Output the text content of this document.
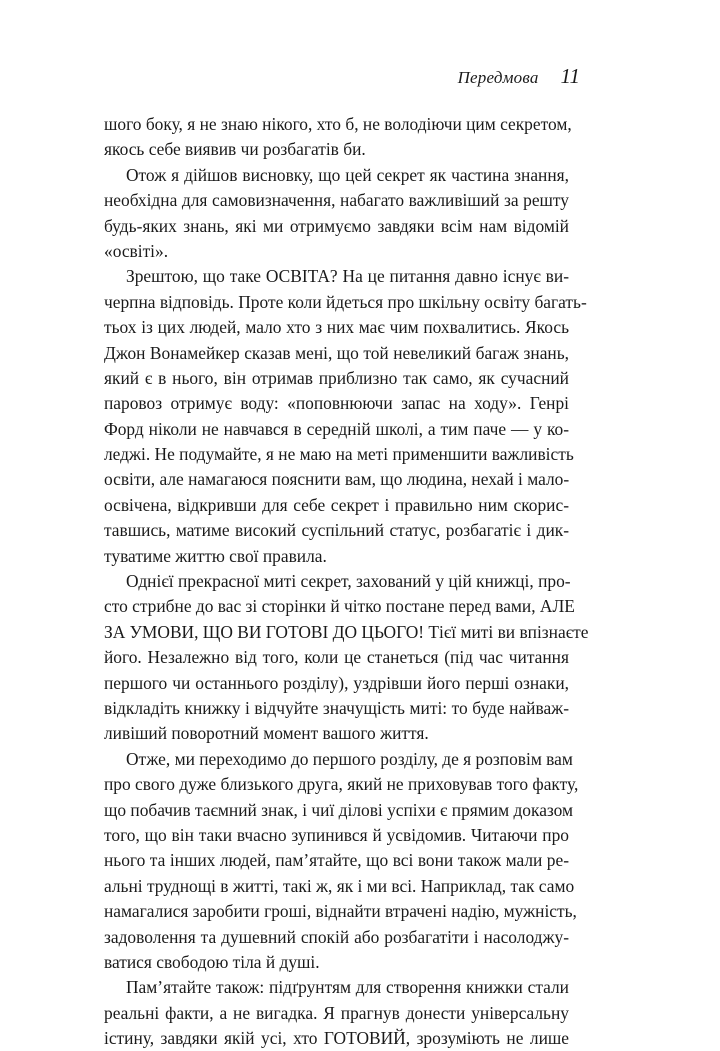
Передмова 11
шого боку, я не знаю нікого, хто б, не володіючи цим секретом,
якось себе виявив чи розбагатів би.
Отож я дійшов висновку, що цей секрет як частина знання,
необхідна для самовизначення, набагато важливіший за решту
будь-яких знань, які ми отримуємо завдяки всім нам відомій
«освіті».
Зрештою, що таке ОСВІТА? На це питання давно існує ви-
черпна відповідь. Проте коли йдеться про шкільну освіту багать-
тьох із цих людей, мало хто з них має чим похвалитись. Якось
Джон Вонамейкер сказав мені, що той невеликий багаж знань,
який є в нього, він отримав приблизно так само, як сучасний
паровоз отримує воду: «поповнюючи запас на ходу». Генрі
Форд ніколи не навчався в середній школі, а тим паче — у ко-
леджі. Не подумайте, я не маю на меті применшити важливість
освіти, але намагаюся пояснити вам, що людина, нехай і мало-
освічена, відкривши для себе секрет і правильно ним скорис-
тавшись, матиме високий суспільний статус, розбагатіє і дик-
туватиме життю свої правила.
Однієї прекрасної миті секрет, захований у цій книжці, про-
сто стрибне до вас зі сторінки й чітко постане перед вами, АЛЕ
ЗА УМОВИ, ЩО ВИ ГОТОВІ ДО ЦЬОГО! Тієї миті ви впізнаєте
його. Незалежно від того, коли це станеться (під час читання
першого чи останнього розділу), уздрівши його перші ознаки,
відкладіть книжку і відчуйте значущість миті: то буде найваж-
ливіший поворотний момент вашого життя.
Отже, ми переходимо до першого розділу, де я розповім вам
про свого дуже близького друга, який не приховував того факту,
що побачив таємний знак, і чиї ділові успіхи є прямим доказом
того, що він таки вчасно зупинився й усвідомив. Читаючи про
нього та інших людей, пам’ятайте, що всі вони також мали ре-
альні труднощі в житті, такі ж, як і ми всі. Наприклад, так само
намагалися заробити гроші, віднайти втрачені надію, мужність,
задоволення та душевний спокій або розбагатіти і насолоджу-
ватися свободою тіла й душі.
Пам’ятайте також: підґрунтям для створення книжки стали
реальні факти, а не вигадка. Я прагнув донести універсальну
істину, завдяки якій усі, хто ГОТОВИЙ, зрозуміють не лише
